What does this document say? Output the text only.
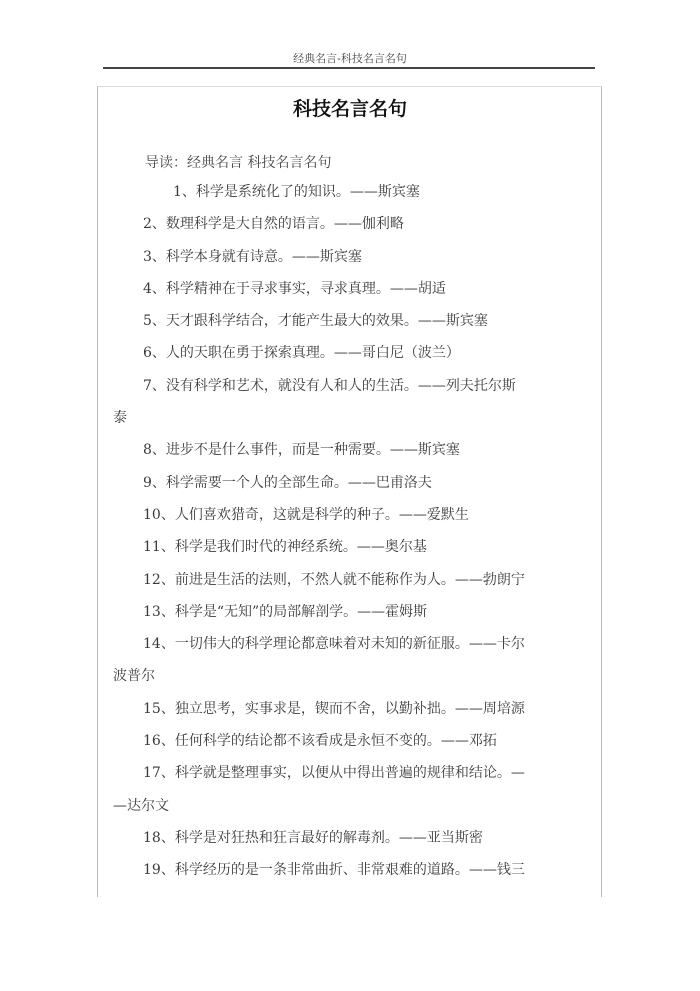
经典名言-科技名言名句
科技名言名句
导读：经典名言 科技名言名句
1、科学是系统化了的知识。——斯宾塞
2、数理科学是大自然的语言。——伽利略
3、科学本身就有诗意。——斯宾塞
4、科学精神在于寻求事实，寻求真理。——胡适
5、天才跟科学结合，才能产生最大的效果。——斯宾塞
6、人的天职在勇于探索真理。——哥白尼（波兰）
7、没有科学和艺术，就没有人和人的生活。——列夫托尔斯
泰
8、进步不是什么事件，而是一种需要。——斯宾塞
9、科学需要一个人的全部生命。——巴甫洛夫
10、人们喜欢猎奇，这就是科学的种子。——爱默生
11、科学是我们时代的神经系统。——奥尔基
12、前进是生活的法则，不然人就不能称作为人。——勃朗宁
13、科学是“无知”的局部解剖学。——霍姆斯
14、一切伟大的科学理论都意味着对未知的新征服。——卡尔
波普尔
15、独立思考，实事求是，锲而不舍，以勤补拙。——周培源
16、任何科学的结论都不该看成是永恒不变的。——邓拓
17、科学就是整理事实，以便从中得出普遍的规律和结论。—
—达尔文
18、科学是对狂热和狂言最好的解毒剂。——亚当斯密
19、科学经历的是一条非常曲折、非常艰难的道路。——钱三
